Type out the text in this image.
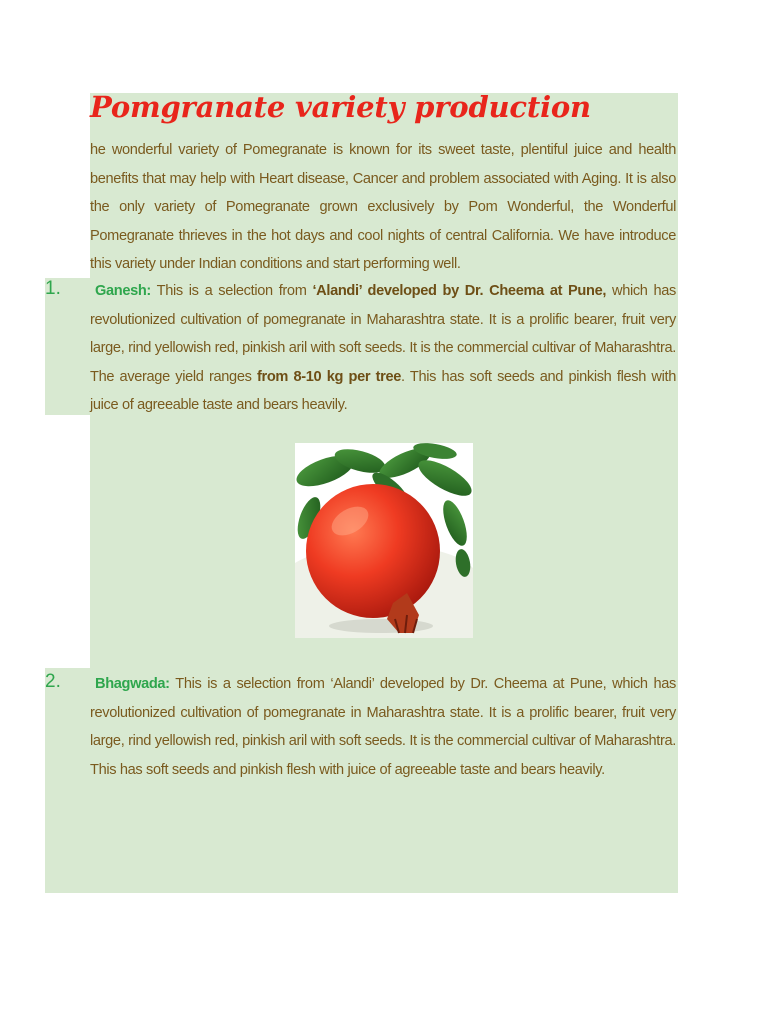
Pomgranate variety production

he wonderful variety of Pomegranate is known for its sweet taste, plentiful juice and health benefits that may help with Heart disease, Cancer and problem associated with Aging. It is also the only variety of Pomegranate grown exclusively by Pom Wonderful, the Wonderful Pomegranate thrieves in the hot days and cool nights of central California. We have introduce this variety under Indian conditions and start performing well.

1.	Ganesh: This is a selection from ‘Alandi’ developed by Dr. Cheema at Pune, which has revolutionized cultivation of pomegranate in Maharashtra state. It is a prolific bearer, fruit very large, rind yellowish red, pinkish aril with soft seeds. It is the commercial cultivar of Maharashtra. The average yield ranges from 8-10 kg per tree. This has soft seeds and pinkish flesh with juice of agreeable taste and bears heavily.

2.	Bhagwada: This is a selection from ‘Alandi’ developed by Dr. Cheema at Pune, which has revolutionized cultivation of pomegranate in Maharashtra state. It is a prolific bearer, fruit very large, rind yellowish red, pinkish aril with soft seeds. It is the commercial cultivar of Maharashtra. This has soft seeds and pinkish flesh with juice of agreeable taste and bears heavily.
